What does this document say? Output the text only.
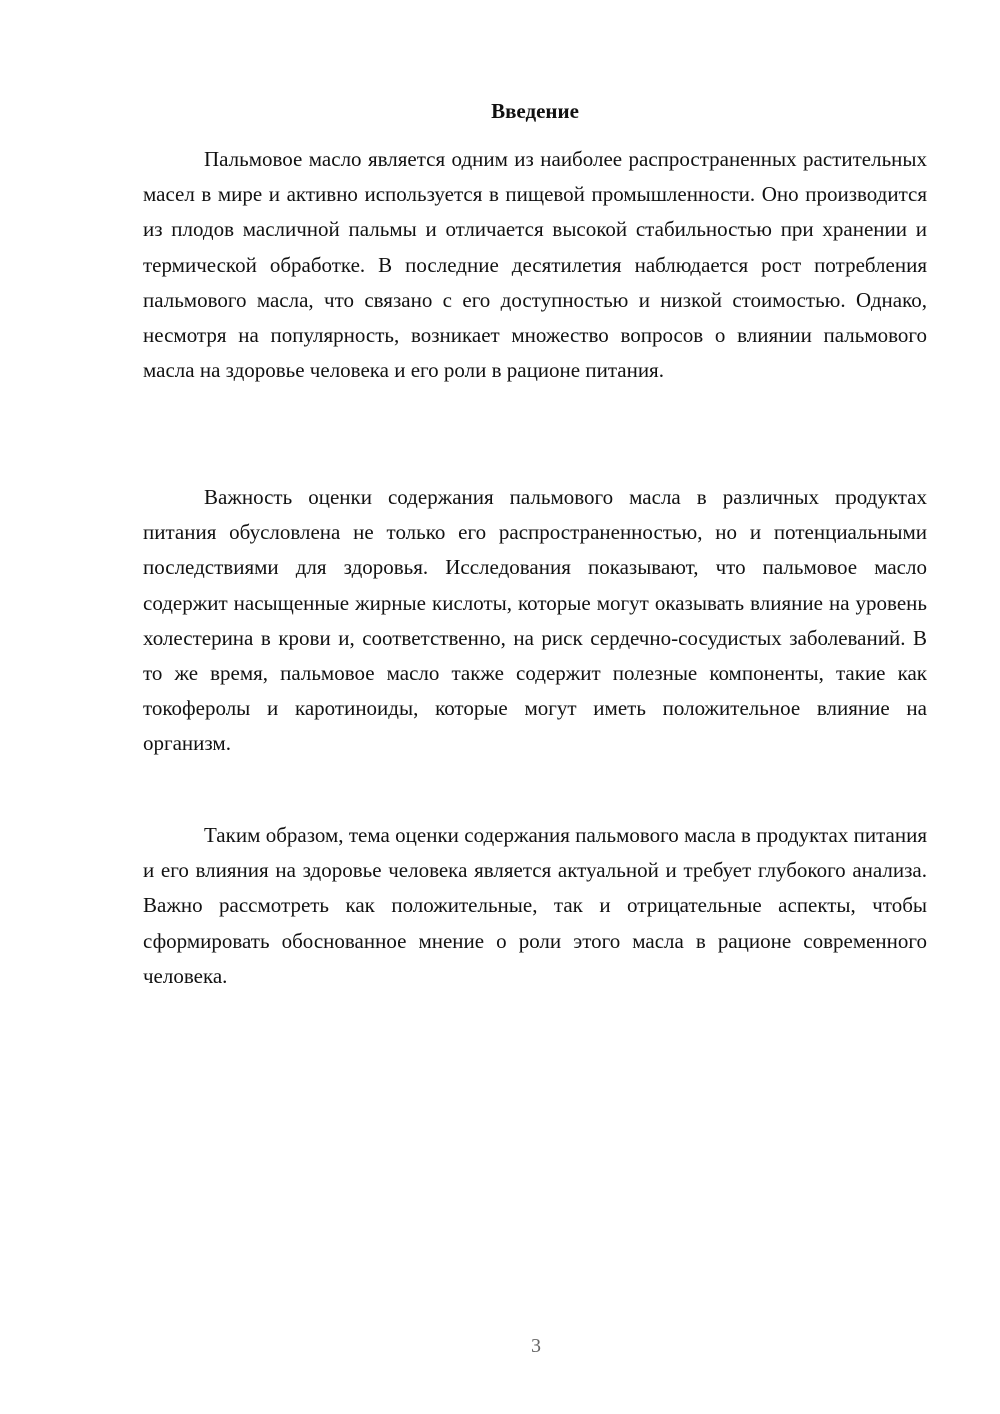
Введение

Пальмовое масло является одним из наиболее распространенных растительных масел в мире и активно используется в пищевой промышленности. Оно производится из плодов масличной пальмы и отличается высокой стабильностью при хранении и термической обработке. В последние десятилетия наблюдается рост потребления пальмового масла, что связано с его доступностью и низкой стоимостью. Однако, несмотря на популярность, возникает множество вопросов о влиянии пальмового масла на здоровье человека и его роли в рационе питания.

Важность оценки содержания пальмового масла в различных продуктах питания обусловлена не только его распространенностью, но и потенциальными последствиями для здоровья. Исследования показывают, что пальмовое масло содержит насыщенные жирные кислоты, которые могут оказывать влияние на уровень холестерина в крови и, соответственно, на риск сердечно-сосудистых заболеваний. В то же время, пальмовое масло также содержит полезные компоненты, такие как токоферолы и каротиноиды, которые могут иметь положительное влияние на организм.

Таким образом, тема оценки содержания пальмового масла в продуктах питания и его влияния на здоровье человека является актуальной и требует глубокого анализа. Важно рассмотреть как положительные, так и отрицательные аспекты, чтобы сформировать обоснованное мнение о роли этого масла в рационе современного человека.

3
